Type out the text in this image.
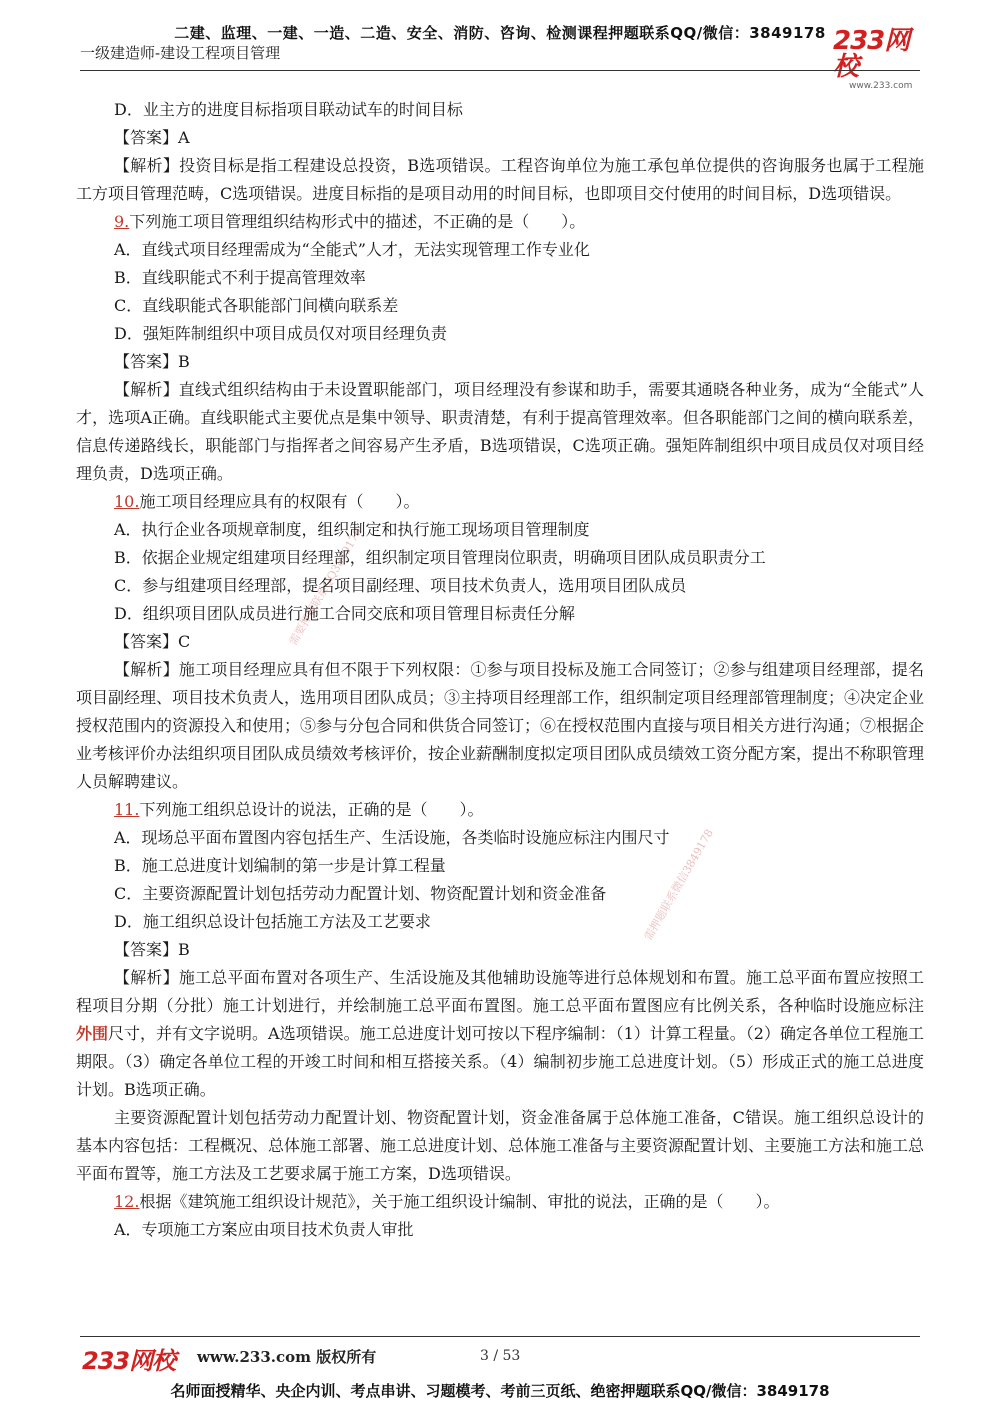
二建、监理、一建、一造、二造、安全、消防、咨询、检测课程押题联系QQ/微信：3849178
一级建造师-建设工程项目管理	233网校
www.233.com
需要押题联系QQ3849178
需押题联系微信3849178
D．业主方的进度目标指项目联动试车的时间目标
【答案】A
【解析】投资目标是指工程建设总投资，B选项错误。工程咨询单位为施工承包单位提供的咨询服务也属于工程施工方项目管理范畴，C选项错误。进度目标指的是项目动用的时间目标，也即项目交付使用的时间目标，D选项错误。
9.下列施工项目管理组织结构形式中的描述，不正确的是（　　）。
A．直线式项目经理需成为“全能式”人才，无法实现管理工作专业化
B．直线职能式不利于提高管理效率
C．直线职能式各职能部门间横向联系差
D．强矩阵制组织中项目成员仅对项目经理负责
【答案】B
【解析】直线式组织结构由于未设置职能部门，项目经理没有参谋和助手，需要其通晓各种业务，成为“全能式”人才，选项A正确。直线职能式主要优点是集中领导、职责清楚，有利于提高管理效率。但各职能部门之间的横向联系差，信息传递路线长，职能部门与指挥者之间容易产生矛盾，B选项错误，C选项正确。强矩阵制组织中项目成员仅对项目经理负责，D选项正确。
10.施工项目经理应具有的权限有（　　）。
A．执行企业各项规章制度，组织制定和执行施工现场项目管理制度
B．依据企业规定组建项目经理部，组织制定项目管理岗位职责，明确项目团队成员职责分工
C．参与组建项目经理部，提名项目副经理、项目技术负责人，选用项目团队成员
D．组织项目团队成员进行施工合同交底和项目管理目标责任分解
【答案】C
【解析】施工项目经理应具有但不限于下列权限：①参与项目投标及施工合同签订；②参与组建项目经理部，提名项目副经理、项目技术负责人，选用项目团队成员；③主持项目经理部工作，组织制定项目经理部管理制度；④决定企业授权范围内的资源投入和使用；⑤参与分包合同和供货合同签订；⑥在授权范围内直接与项目相关方进行沟通；⑦根据企业考核评价办法组织项目团队成员绩效考核评价，按企业薪酬制度拟定项目团队成员绩效工资分配方案，提出不称职管理人员解聘建议。
11.下列施工组织总设计的说法，正确的是（　　）。
A．现场总平面布置图内容包括生产、生活设施，各类临时设施应标注内围尺寸
B．施工总进度计划编制的第一步是计算工程量
C．主要资源配置计划包括劳动力配置计划、物资配置计划和资金准备
D．施工组织总设计包括施工方法及工艺要求
【答案】B
【解析】施工总平面布置对各项生产、生活设施及其他辅助设施等进行总体规划和布置。施工总平面布置应按照工程项目分期（分批）施工计划进行，并绘制施工总平面布置图。施工总平面布置图应有比例关系，各种临时设施应标注外围尺寸，并有文字说明。A选项错误。施工总进度计划可按以下程序编制：（1）计算工程量。（2）确定各单位工程施工期限。（3）确定各单位工程的开竣工时间和相互搭接关系。（4）编制初步施工总进度计划。（5）形成正式的施工总进度计划。B选项正确。
主要资源配置计划包括劳动力配置计划、物资配置计划，资金准备属于总体施工准备，C错误。施工组织总设计的基本内容包括：工程概况、总体施工部署、施工总进度计划、总体施工准备与主要资源配置计划、主要施工方法和施工总平面布置等，施工方法及工艺要求属于施工方案，D选项错误。
12.根据《建筑施工组织设计规范》，关于施工组织设计编制、审批的说法，正确的是（　　）。
A．专项施工方案应由项目技术负责人审批
233网校 www.233.com 版权所有	3 / 53
名师面授精华、央企内训、考点串讲、习题模考、考前三页纸、绝密押题联系QQ/微信：3849178
